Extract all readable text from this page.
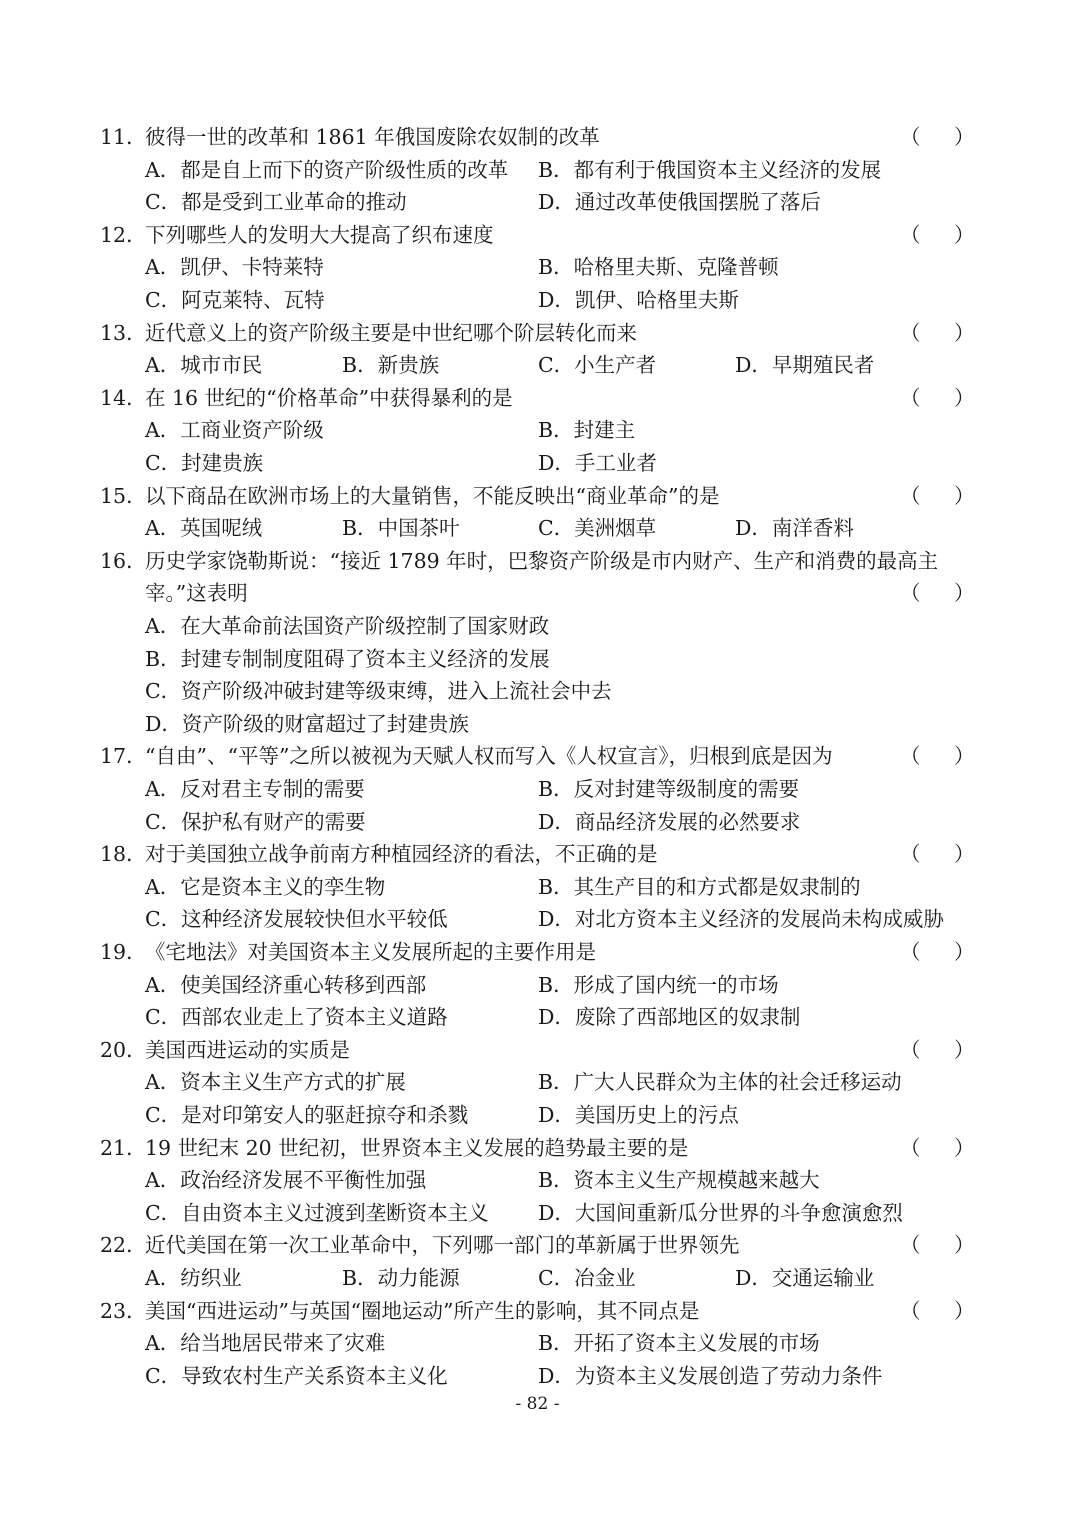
11．
彼得一世的改革和 1861 年俄国废除农奴制的改革	（ ）
A．都是自上而下的资产阶级性质的改革 B．都有利于俄国资本主义经济的发展
C．都是受到工业革命的推动	D．通过改革使俄国摆脱了落后
12．
下列哪些人的发明大大提高了织布速度	（ ）
A．凯伊、卡特莱特	B．哈格里夫斯、克隆普顿
C．阿克莱特、瓦特	D．凯伊、哈格里夫斯
13．
近代意义上的资产阶级主要是中世纪哪个阶层转化而来	（ ）
A．城市市民	B．新贵族	C．小生产者	D．早期殖民者
14．
在 16 世纪的“价格革命”中获得暴利的是	（ ）
A．工商业资产阶级	B．封建主
C．封建贵族	D．手工业者
15．
以下商品在欧洲市场上的大量销售，不能反映出“商业革命”的是	（ ）
A．英国呢绒	B．中国茶叶	C．美洲烟草	D．南洋香料
16．
历史学家饶勒斯说：“接近 1789 年时，巴黎资产阶级是市内财产、生产和消费的最高主
宰。”这表明	（ ）
A．在大革命前法国资产阶级控制了国家财政
B．封建专制制度阻碍了资本主义经济的发展
C．资产阶级冲破封建等级束缚，进入上流社会中去
D．资产阶级的财富超过了封建贵族
17．
“自由”、“平等”之所以被视为天赋人权而写入《人权宣言》，归根到底是因为	（ ）
A．反对君主专制的需要	B．反对封建等级制度的需要
C．保护私有财产的需要	D．商品经济发展的必然要求
18．
对于美国独立战争前南方种植园经济的看法，不正确的是	（ ）
A．它是资本主义的孪生物	B．其生产目的和方式都是奴隶制的
C．这种经济发展较快但水平较低	D．对北方资本主义经济的发展尚未构成威胁
19．
《宅地法》对美国资本主义发展所起的主要作用是	（ ）
A．使美国经济重心转移到西部	B．形成了国内统一的市场
C．西部农业走上了资本主义道路	D．废除了西部地区的奴隶制
20．
美国西进运动的实质是	（ ）
A．资本主义生产方式的扩展	B．广大人民群众为主体的社会迁移运动
C．是对印第安人的驱赶掠夺和杀戮	D．美国历史上的污点
21．
19 世纪末 20 世纪初，世界资本主义发展的趋势最主要的是	（ ）
A．政治经济发展不平衡性加强	B．资本主义生产规模越来越大
C．自由资本主义过渡到垄断资本主义 D．大国间重新瓜分世界的斗争愈演愈烈
22．
近代美国在第一次工业革命中，下列哪一部门的革新属于世界领先	（ ）
A．纺织业	B．动力能源	C．冶金业	D．交通运输业
23．
美国“西进运动”与英国“圈地运动”所产生的影响，其不同点是	（ ）
A．给当地居民带来了灾难	B．开拓了资本主义发展的市场
C．导致农村生产关系资本主义化	D．为资本主义发展创造了劳动力条件
- 82 -
